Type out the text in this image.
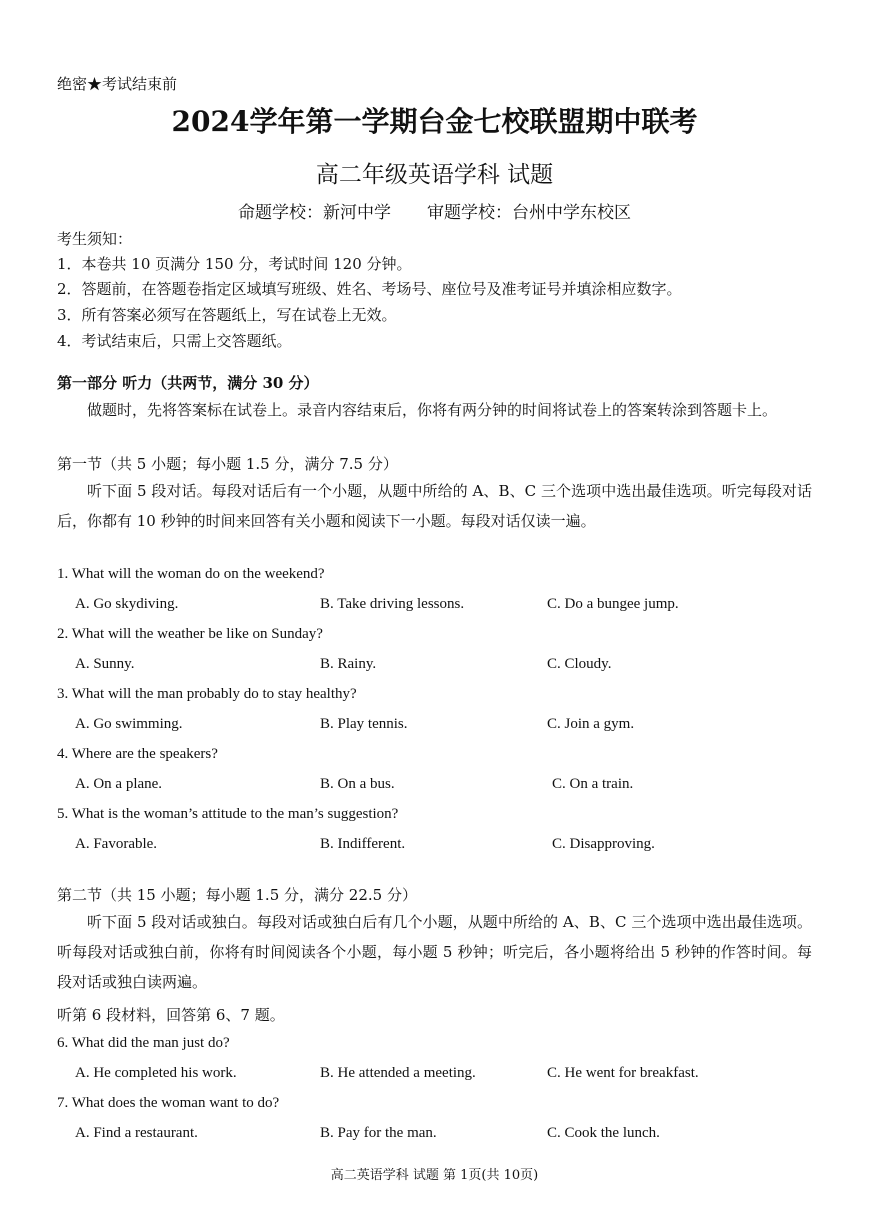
绝密★考试结束前
2024学年第一学期台金七校联盟期中联考
高二年级英语学科 试题
命题学校：新河中学 审题学校：台州中学东校区
考生须知：
1．本卷共 10 页满分 150 分，考试时间 120 分钟。
2．答题前，在答题卷指定区域填写班级、姓名、考场号、座位号及准考证号并填涂相应数字。
3．所有答案必须写在答题纸上，写在试卷上无效。
4．考试结束后，只需上交答题纸。
第一部分 听力（共两节，满分 30 分）
做题时，先将答案标在试卷上。录音内容结束后，你将有两分钟的时间将试卷上的答案转涂到答题卡上。
第一节（共 5 小题；每小题 1.5 分，满分 7.5 分）
听下面 5 段对话。每段对话后有一个小题，从题中所给的 A、B、C 三个选项中选出最佳选项。听完每段对话后，你都有 10 秒钟的时间来回答有关小题和阅读下一小题。每段对话仅读一遍。
1. What will the woman do on the weekend?
A. Go skydiving.	B. Take driving lessons.	C. Do a bungee jump.
2. What will the weather be like on Sunday?
A. Sunny.	B. Rainy.	C. Cloudy.
3. What will the man probably do to stay healthy?
A. Go swimming.	B. Play tennis.	C. Join a gym.
4. Where are the speakers?
A. On a plane.	B. On a bus.	C. On a train.
5. What is the woman’s attitude to the man’s suggestion?
A. Favorable.	B. Indifferent.	C. Disapproving.
第二节（共 15 小题；每小题 1.5 分，满分 22.5 分）
听下面 5 段对话或独白。每段对话或独白后有几个小题，从题中所给的 A、B、C 三个选项中选出最佳选项。听每段对话或独白前，你将有时间阅读各个小题，每小题 5 秒钟；听完后，各小题将给出 5 秒钟的作答时间。每段对话或独白读两遍。
听第 6 段材料，回答第 6、7 题。
6. What did the man just do?
A. He completed his work.	B. He attended a meeting.	C. He went for breakfast.
7. What does the woman want to do?
A. Find a restaurant.	B. Pay for the man.	C. Cook the lunch.
高二英语学科 试题 第 1页(共 10页)
